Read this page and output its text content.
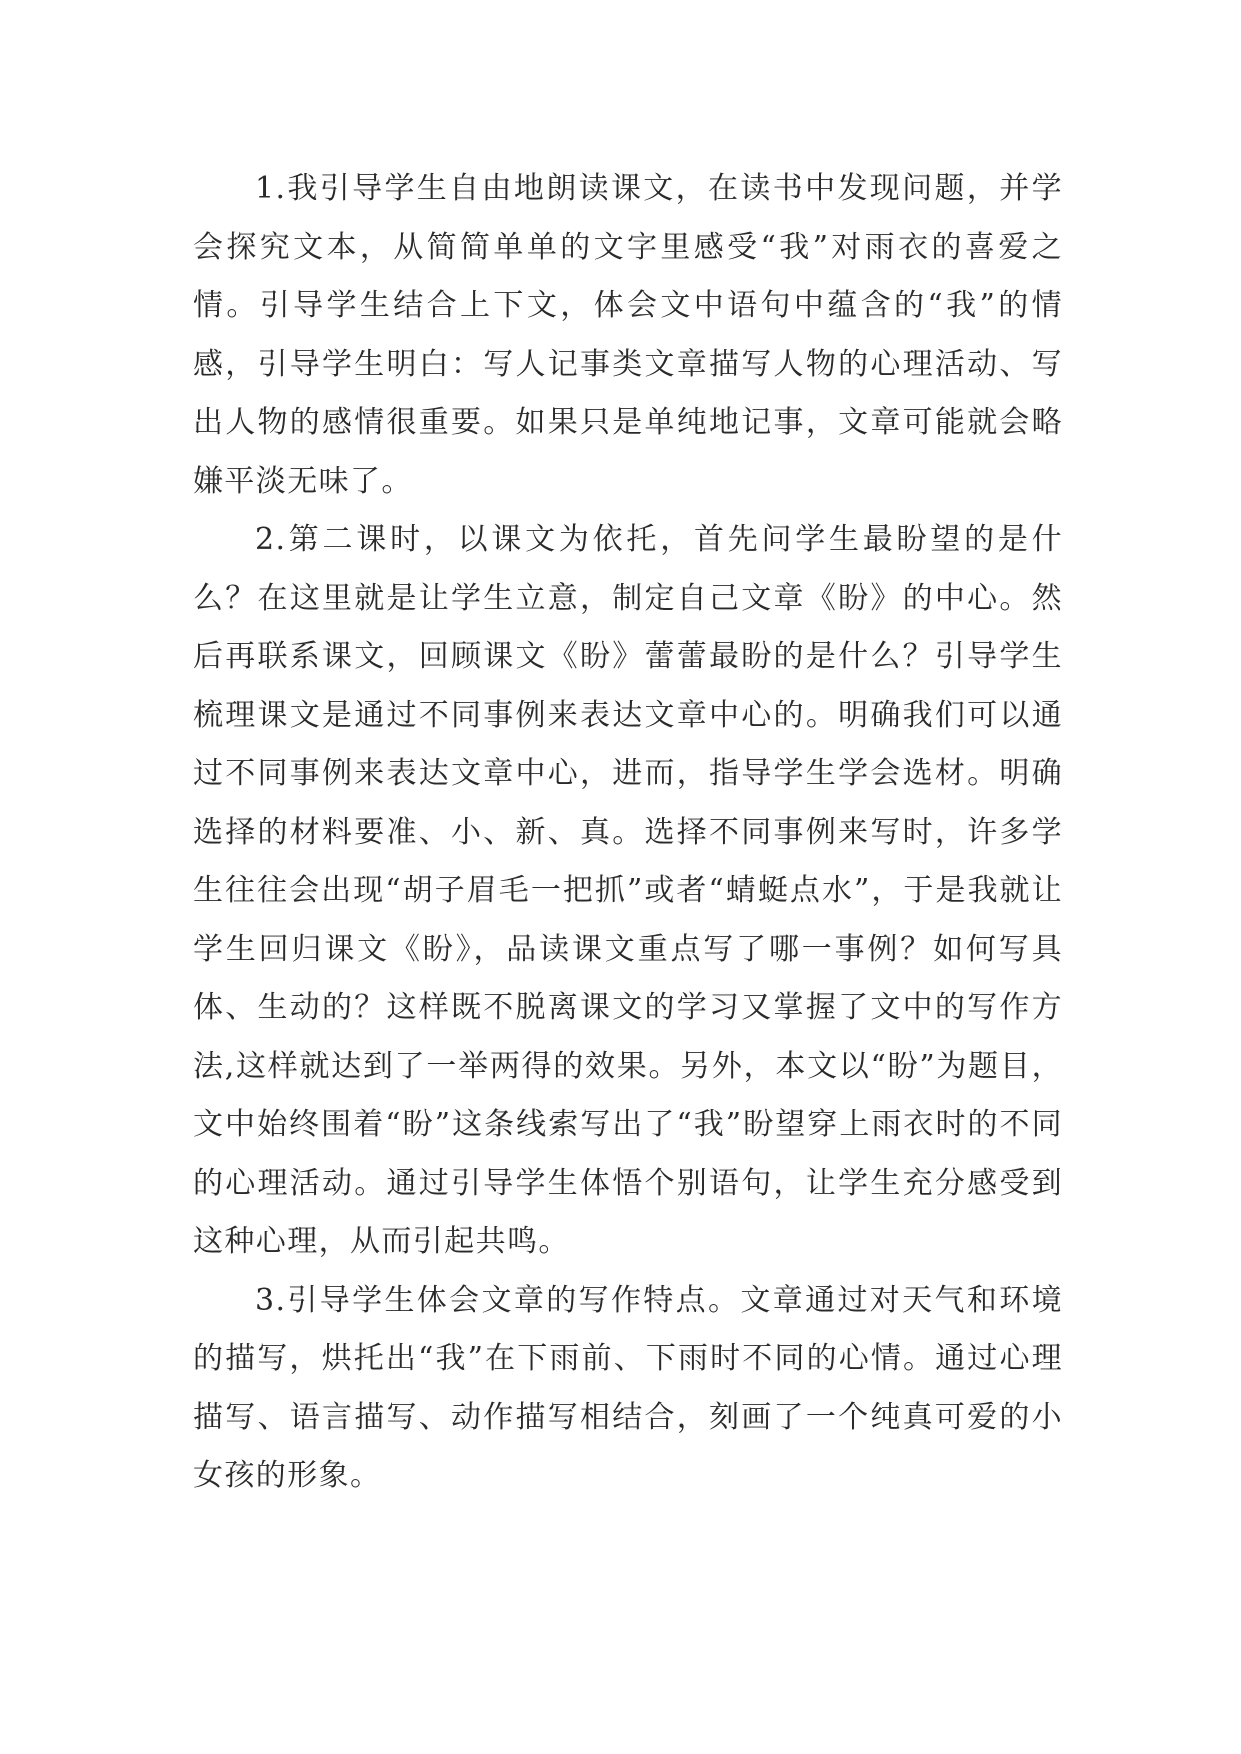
1.我引导学生自由地朗读课文，在读书中发现问题，并学会探究文本，从简简单单的文字里感受“我”对雨衣的喜爱之情。引导学生结合上下文，体会文中语句中蕴含的“我”的情感，引导学生明白：写人记事类文章描写人物的心理活动、写出人物的感情很重要。如果只是单纯地记事，文章可能就会略嫌平淡无味了。

2.第二课时，以课文为依托，首先问学生最盼望的是什么？在这里就是让学生立意，制定自己文章《盼》的中心。然后再联系课文，回顾课文《盼》蕾蕾最盼的是什么？引导学生梳理课文是通过不同事例来表达文章中心的。明确我们可以通过不同事例来表达文章中心，进而，指导学生学会选材。明确选择的材料要准、小、新、真。选择不同事例来写时，许多学生往往会出现“胡子眉毛一把抓”或者“蜻蜓点水”，于是我就让学生回归课文《盼》，品读课文重点写了哪一事例？如何写具体、生动的？这样既不脱离课文的学习又掌握了文中的写作方法,这样就达到了一举两得的效果。另外，本文以“盼”为题目，文中始终围着“盼”这条线索写出了“我”盼望穿上雨衣时的不同的心理活动。通过引导学生体悟个别语句，让学生充分感受到这种心理，从而引起共鸣。

3.引导学生体会文章的写作特点。文章通过对天气和环境的描写，烘托出“我”在下雨前、下雨时不同的心情。通过心理描写、语言描写、动作描写相结合，刻画了一个纯真可爱的小女孩的形象。
